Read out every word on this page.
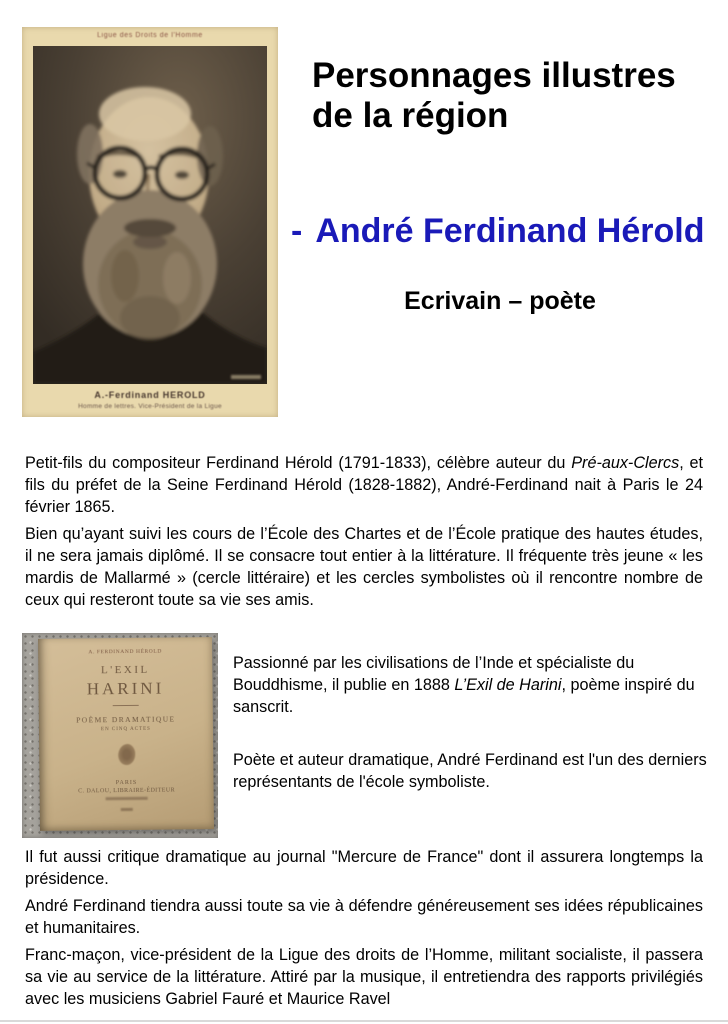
Ligue des Droits de l'Homme
A.-Ferdinand HEROLD
Homme de lettres. Vice-Président de la Ligue
Personnages illustres
de la région
- André Ferdinand Hérold
Ecrivain – poète

Petit-fils du compositeur Ferdinand Hérold (1791-1833), célèbre auteur du Pré-aux-Clercs, et fils du préfet de la Seine Ferdinand Hérold (1828-1882), André-Ferdinand nait à Paris le 24 février 1865.

Bien qu’ayant suivi les cours de l’École des Chartes et de l’École pratique des hautes études, il ne sera jamais diplômé. Il se consacre tout entier à la littérature. Il fréquente très jeune « les mardis de Mallarmé » (cercle littéraire) et les cercles symbolistes où il rencontre nombre de ceux qui resteront toute sa vie ses amis.

A. FERDINAND HÉROLD
L'EXIL
HARINI
POÈME DRAMATIQUE
EN CINQ ACTES
PARIS
C. DALOU, LIBRAIRE-ÉDITEUR

Passionné par les civilisations de l’Inde et spécialiste du Bouddhisme, il publie en 1888 L’Exil de Harini, poème inspiré du sanscrit.

Poète et auteur dramatique, André Ferdinand est l'un des derniers représentants de l'école symboliste.

Il fut aussi critique dramatique au journal "Mercure de France" dont il assurera longtemps la présidence.

André Ferdinand tiendra aussi toute sa vie à défendre généreusement ses idées républicaines et humanitaires.

Franc-maçon, vice-président de la Ligue des droits de l’Homme, militant socialiste, il passera sa vie au service de la littérature. Attiré par la musique, il entretiendra des rapports privilégiés avec les musiciens Gabriel Fauré et Maurice Ravel
